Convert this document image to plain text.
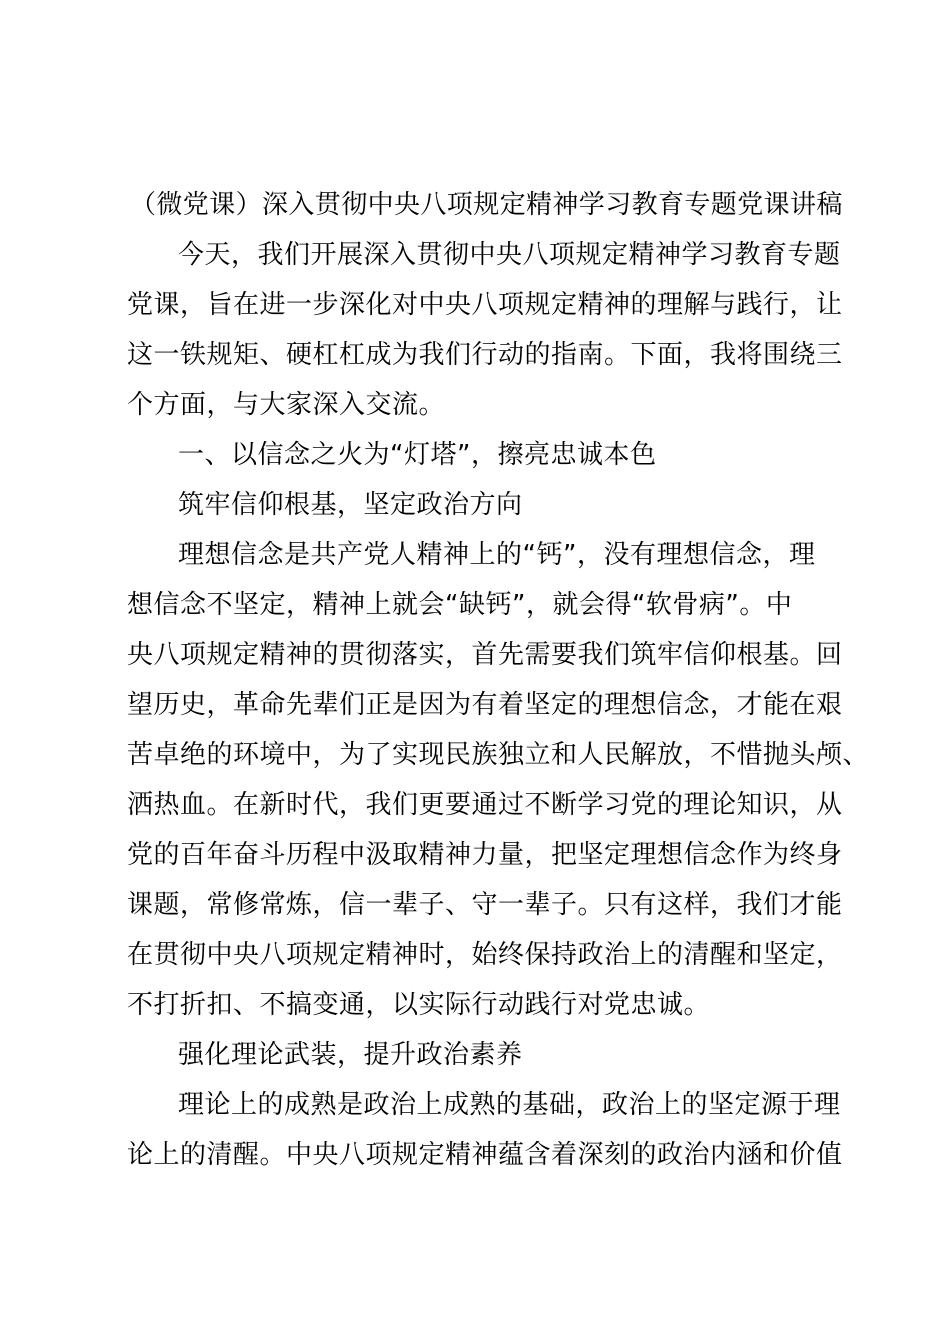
（微党课）深入贯彻中央八项规定精神学习教育专题党课讲稿

今天，我们开展深入贯彻中央八项规定精神学习教育专题

党课，旨在进一步深化对中央八项规定精神的理解与践行，让

这一铁规矩、硬杠杠成为我们行动的指南。下面，我将围绕三

个方面，与大家深入交流。

一、以信念之火为“灯塔”，擦亮忠诚本色

筑牢信仰根基，坚定政治方向

理想信念是共产党人精神上的“钙”，没有理想信念，理

想信念不坚定，精神上就会“缺钙”，就会得“软骨病”。中

央八项规定精神的贯彻落实，首先需要我们筑牢信仰根基。回

望历史，革命先辈们正是因为有着坚定的理想信念，才能在艰

苦卓绝的环境中，为了实现民族独立和人民解放，不惜抛头颅、

洒热血。在新时代，我们更要通过不断学习党的理论知识，从

党的百年奋斗历程中汲取精神力量，把坚定理想信念作为终身

课题，常修常炼，信一辈子、守一辈子。只有这样，我们才能

在贯彻中央八项规定精神时，始终保持政治上的清醒和坚定，

不打折扣、不搞变通，以实际行动践行对党忠诚。

强化理论武装，提升政治素养

理论上的成熟是政治上成熟的基础，政治上的坚定源于理

论上的清醒。中央八项规定精神蕴含着深刻的政治内涵和价值
